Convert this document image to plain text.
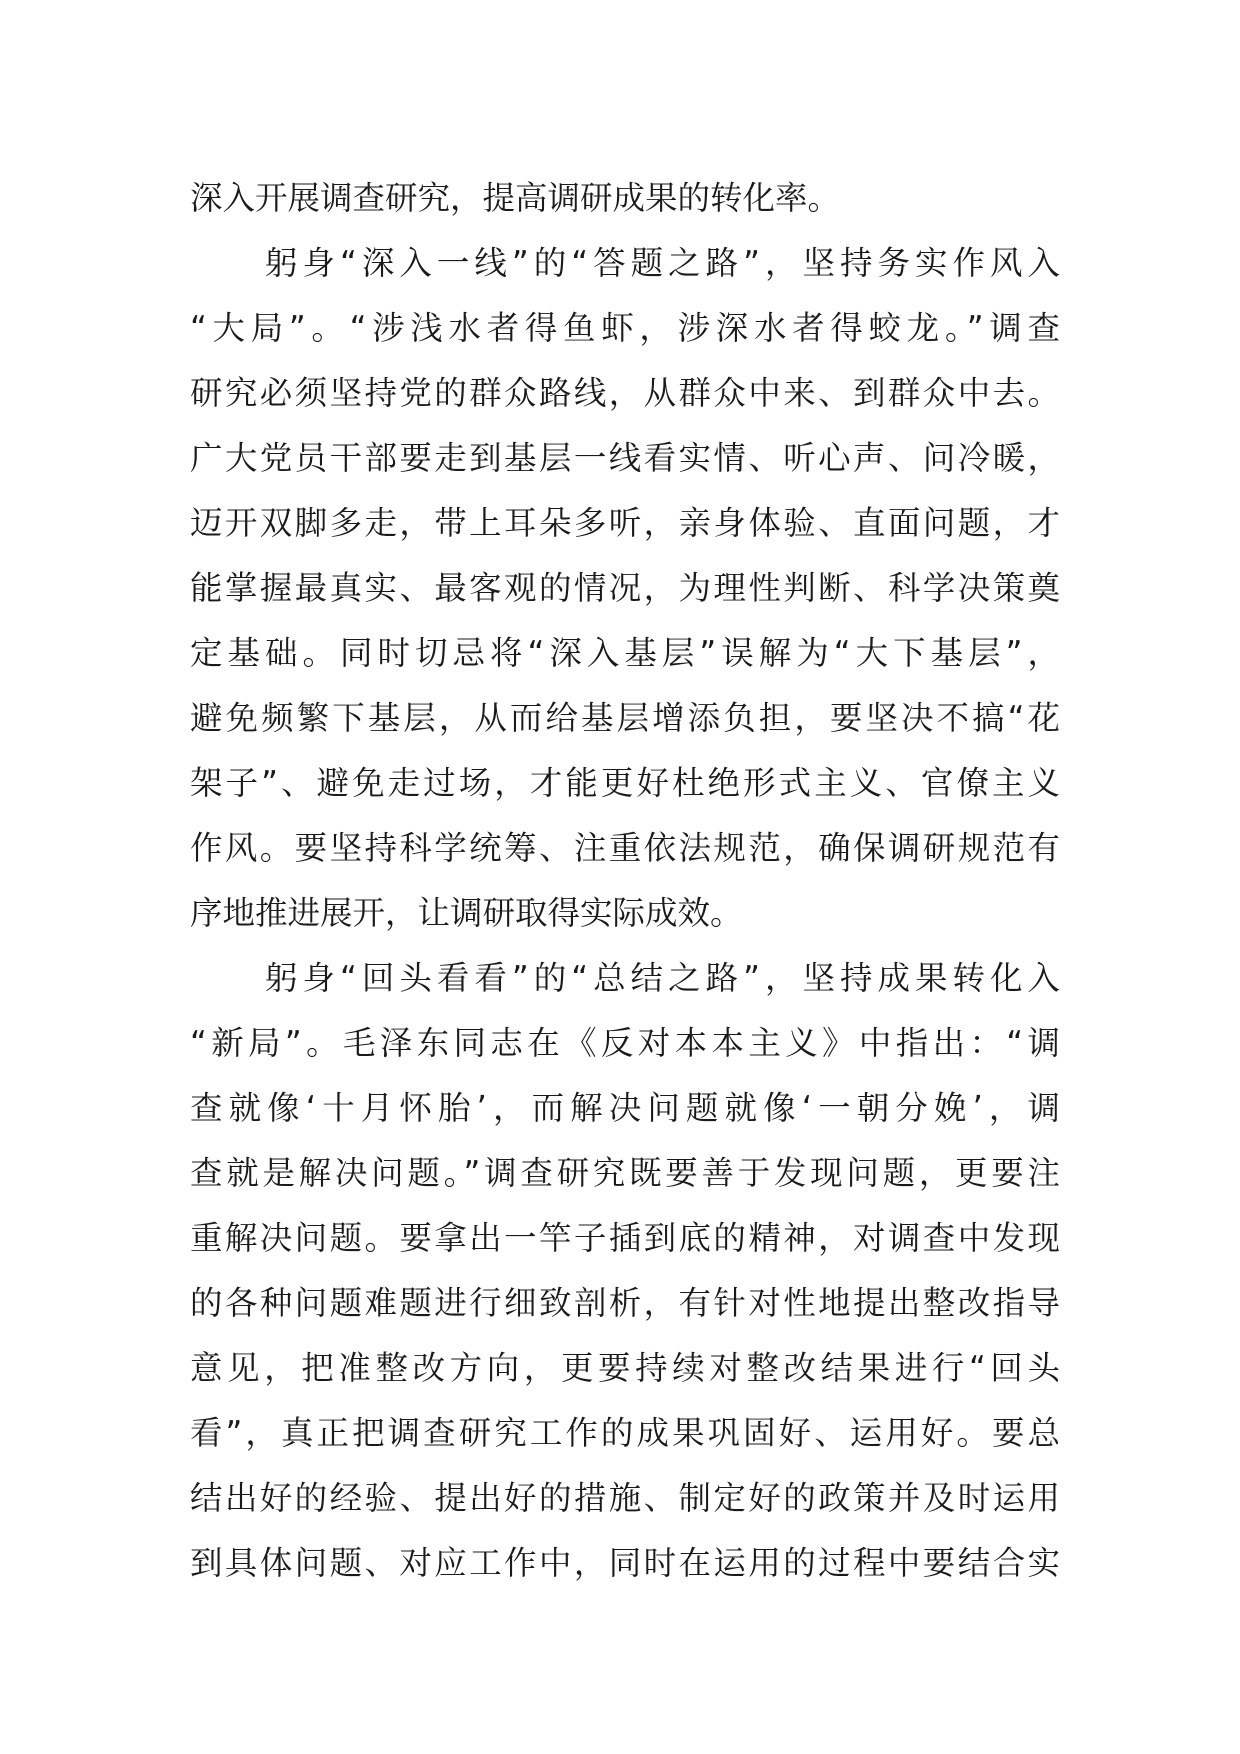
深入开展调查研究，提高调研成果的转化率。
　　躬身“深入一线”的“答题之路”，坚持务实作风入
“大局”。“涉浅水者得鱼虾，涉深水者得蛟龙。”调查
研究必须坚持党的群众路线，从群众中来、到群众中去。
广大党员干部要走到基层一线看实情、听心声、问冷暖，
迈开双脚多走，带上耳朵多听，亲身体验、直面问题，才
能掌握最真实、最客观的情况，为理性判断、科学决策奠
定基础。同时切忌将“深入基层”误解为“大下基层”，
避免频繁下基层，从而给基层增添负担，要坚决不搞“花
架子”、避免走过场，才能更好杜绝形式主义、官僚主义
作风。要坚持科学统筹、注重依法规范，确保调研规范有
序地推进展开，让调研取得实际成效。
　　躬身“回头看看”的“总结之路”，坚持成果转化入
“新局”。毛泽东同志在《反对本本主义》中指出：“调
查就像‘十月怀胎’，而解决问题就像‘一朝分娩’，调
查就是解决问题。”调查研究既要善于发现问题，更要注
重解决问题。要拿出一竿子插到底的精神，对调查中发现
的各种问题难题进行细致剖析，有针对性地提出整改指导
意见，把准整改方向，更要持续对整改结果进行“回头
看”，真正把调查研究工作的成果巩固好、运用好。要总
结出好的经验、提出好的措施、制定好的政策并及时运用
到具体问题、对应工作中，同时在运用的过程中要结合实
